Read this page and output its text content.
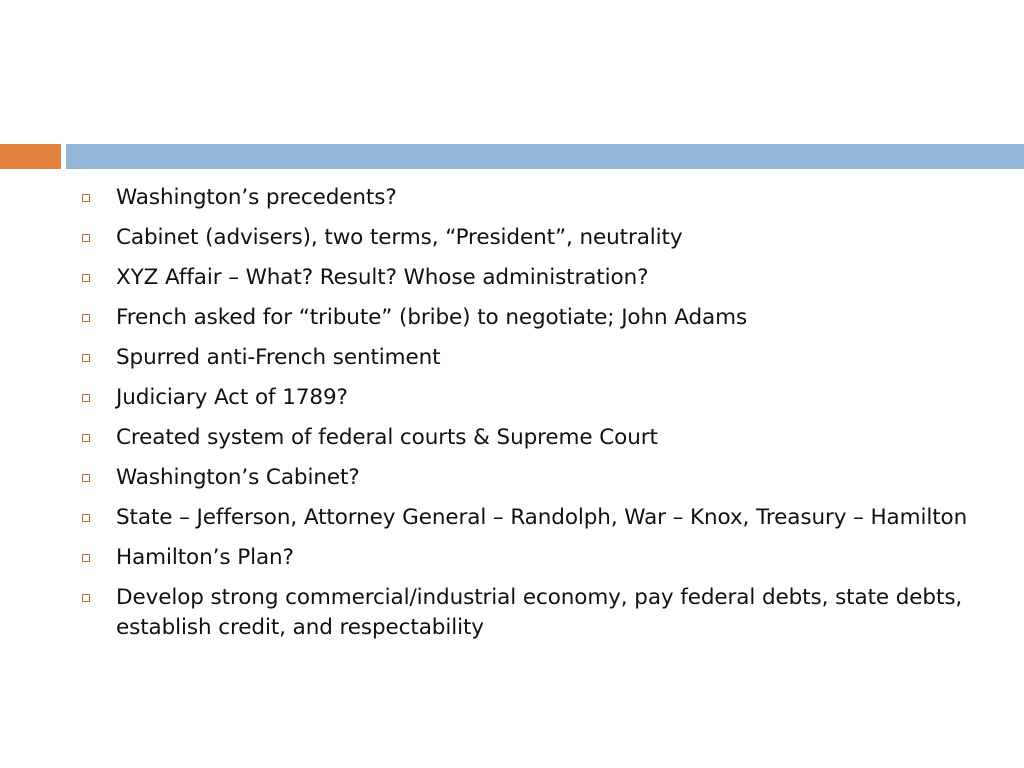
Washington’s precedents?
Cabinet (advisers), two terms, “President”, neutrality
XYZ Affair – What? Result? Whose administration?
French asked for “tribute” (bribe) to negotiate; John Adams
Spurred anti-French sentiment
Judiciary Act of 1789?
Created system of federal courts & Supreme Court
Washington’s Cabinet?
State – Jefferson, Attorney General – Randolph, War – Knox, Treasury – Hamilton
Hamilton’s Plan?
Develop strong commercial/industrial economy, pay federal debts, state debts, establish credit, and respectability
